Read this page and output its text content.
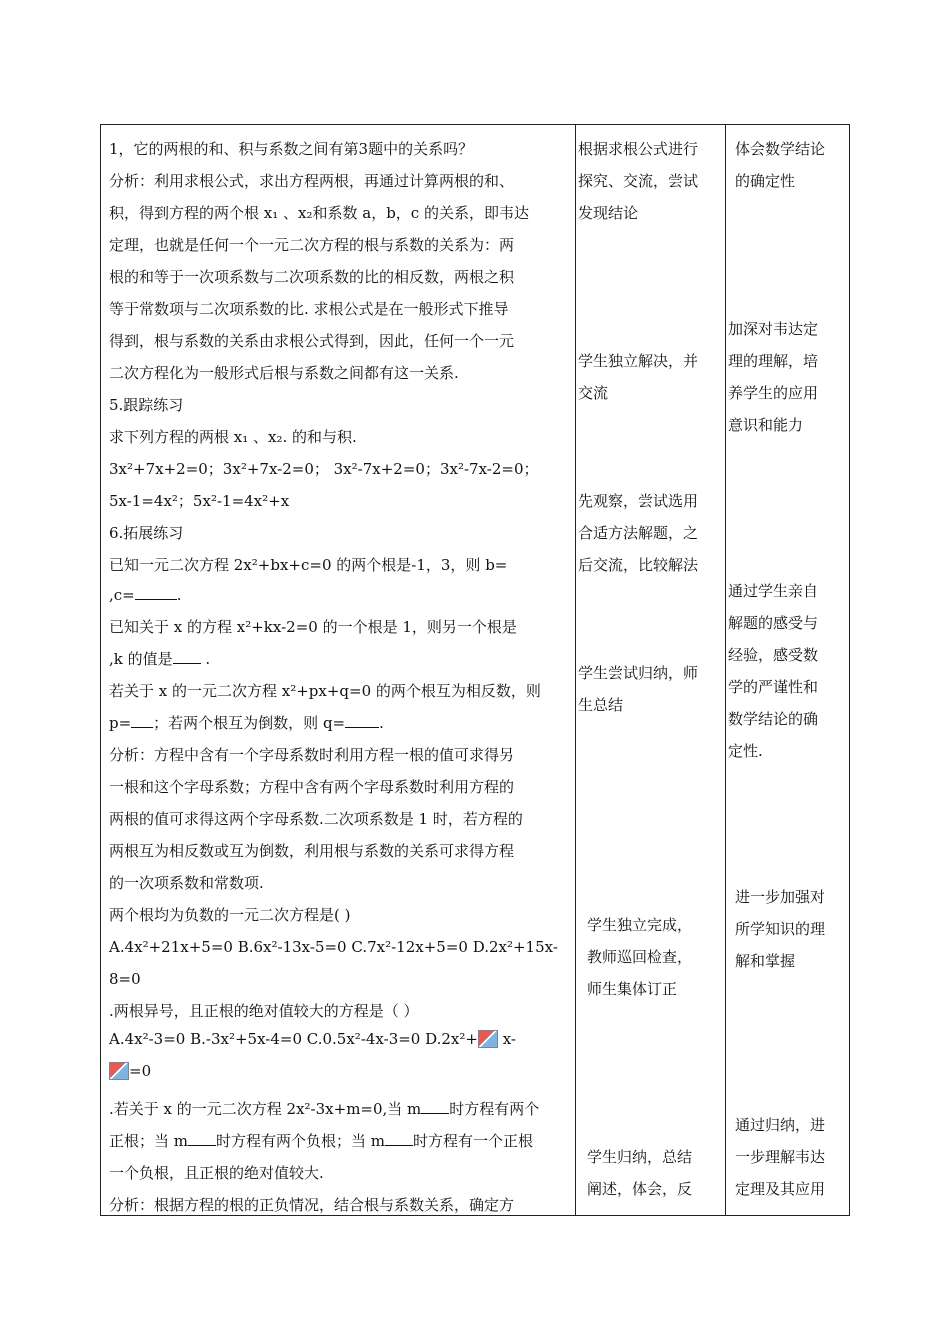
1，它的两根的和、积与系数之间有第3题中的关系吗？
分析：利用求根公式，求出方程两根，再通过计算两根的和、
积，得到方程的两个根 x₁ 、x₂和系数 a，b，c 的关系，即韦达
定理，也就是任何一个一元二次方程的根与系数的关系为：两
根的和等于一次项系数与二次项系数的比的相反数，两根之积
等于常数项与二次项系数的比. 求根公式是在一般形式下推导
得到，根与系数的关系由求根公式得到，因此，任何一个一元
二次方程化为一般形式后根与系数之间都有这一关系.
5.跟踪练习
求下列方程的两根 x₁ 、x₂. 的和与积.
3x²+7x+2=0；3x²+7x-2=0； 3x²-7x+2=0；3x²-7x-2=0；
5x-1=4x²；5x²-1=4x²+x
6.拓展练习
已知一元二次方程 2x²+bx+c=0 的两个根是-1，3，则 b=
,c=	.
已知关于 x 的方程 x²+kx-2=0 的一个根是 1，则另一个根是
,k 的值是 .
若关于 x 的一元二次方程 x²+px+q=0 的两个根互为相反数，则
p= ；若两个根互为倒数，则 q= .
分析：方程中含有一个字母系数时利用方程一根的值可求得另
一根和这个字母系数；方程中含有两个字母系数时利用方程的
两根的值可求得这两个字母系数.二次项系数是 1 时，若方程的
两根互为相反数或互为倒数，利用根与系数的关系可求得方程
的一次项系数和常数项.
两个根均为负数的一元二次方程是( )
A.4x²+21x+5=0 B.6x²-13x-5=0 C.7x²-12x+5=0 D.2x²+15x-
8=0
.两根异号，且正根的绝对值较大的方程是（ ）
A.4x²-3=0 B.-3x²+5x-4=0 C.0.5x²-4x-3=0 D.2x²+ x-
=0
.若关于 x 的一元二次方程 2x²-3x+m=0,当 m 时方程有两个
正根；当 m 时方程有两个负根；当 m 时方程有一个正根
一个负根，且正根的绝对值较大.
分析：根据方程的根的正负情况，结合根与系数关系，确定方
根据求根公式进行
探究、交流，尝试
发现结论
学生独立解决，并
交流
先观察，尝试选用
合适方法解题，之
后交流，比较解法
学生尝试归纳，师
生总结
学生独立完成，
教师巡回检查，
师生集体订正
学生归纳，总结
阐述，体会，反
体会数学结论
的确定性
加深对韦达定
理的理解，培
养学生的应用
意识和能力
通过学生亲自
解题的感受与
经验，感受数
学的严谨性和
数学结论的确
定性.
进一步加强对
所学知识的理
解和掌握
通过归纳，进
一步理解韦达
定理及其应用
